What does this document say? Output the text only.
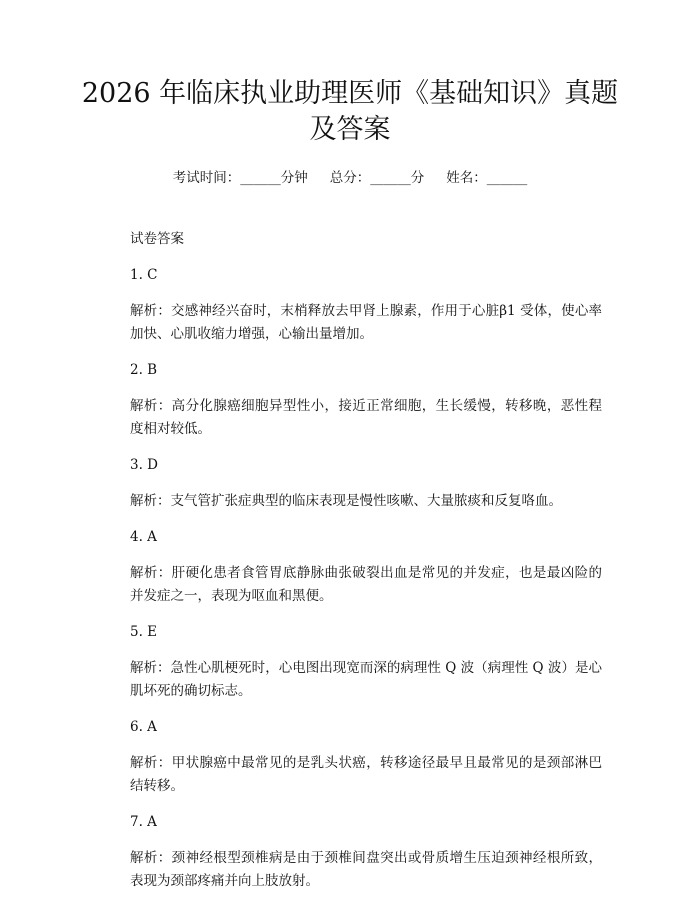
2026 年临床执业助理医师《基础知识》真题
及答案
考试时间：______分钟 总分：______分 姓名：______

试卷答案

1. C

解析：交感神经兴奋时，末梢释放去甲肾上腺素，作用于心脏β1 受体，使心率加快、心肌收缩力增强，心输出量增加。

2. B

解析：高分化腺癌细胞异型性小，接近正常细胞，生长缓慢，转移晚，恶性程度相对较低。

3. D

解析：支气管扩张症典型的临床表现是慢性咳嗽、大量脓痰和反复咯血。

4. A

解析：肝硬化患者食管胃底静脉曲张破裂出血是常见的并发症，也是最凶险的并发症之一，表现为呕血和黑便。

5. E

解析：急性心肌梗死时，心电图出现宽而深的病理性 Q 波（病理性 Q 波）是心肌坏死的确切标志。

6. A

解析：甲状腺癌中最常见的是乳头状癌，转移途径最早且最常见的是颈部淋巴结转移。

7. A

解析：颈神经根型颈椎病是由于颈椎间盘突出或骨质增生压迫颈神经根所致，表现为颈部疼痛并向上肢放射。
